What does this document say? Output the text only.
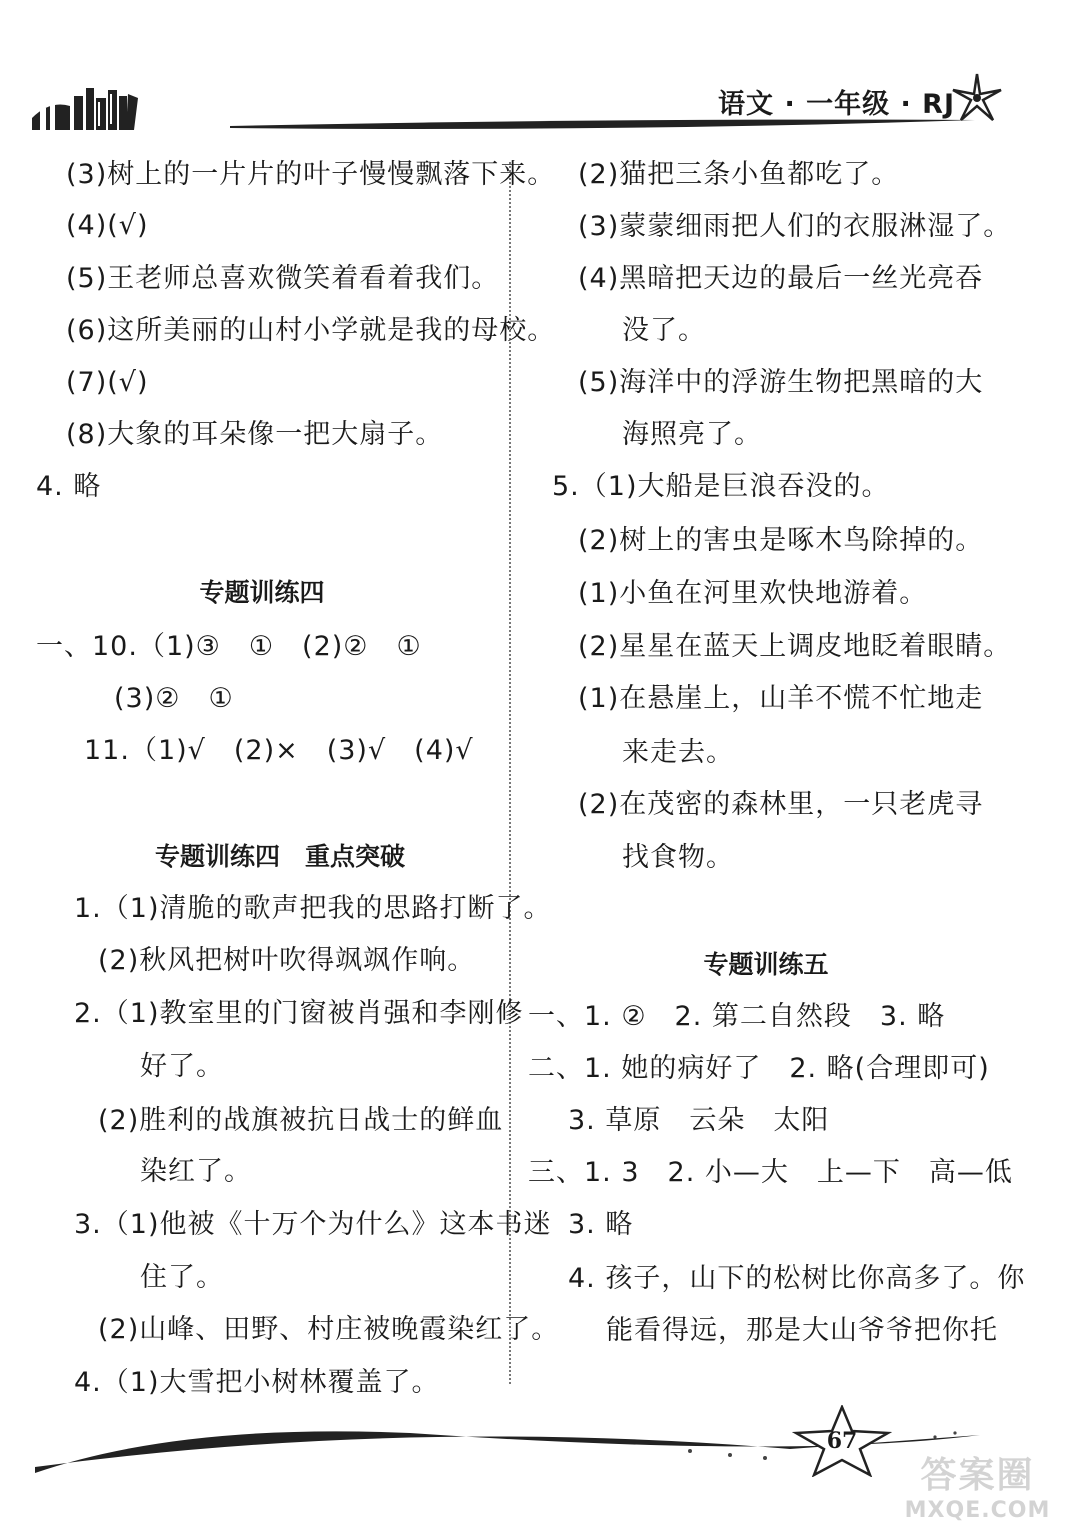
语文 · 一年级 · RJ
(3)树上的一片片的叶子慢慢飘落下来。
(4)(√)
(5)王老师总喜欢微笑着看着我们。
(6)这所美丽的山村小学就是我的母校。
(7)(√)
(8)大象的耳朵像一把大扇子。
4. 略
专题训练四
一、10.（1)③　①　(2)②　①
(3)②　①
11.（1)√　(2)×　(3)√　(4)√
专题训练四　重点突破
1.（1)清脆的歌声把我的思路打断了。
(2)秋风把树叶吹得飒飒作响。
2.（1)教室里的门窗被肖强和李刚修
好了。
(2)胜利的战旗被抗日战士的鲜血
染红了。
3.（1)他被《十万个为什么》这本书迷
住了。
(2)山峰、田野、村庄被晚霞染红了。
4.（1)大雪把小树林覆盖了。
(2)猫把三条小鱼都吃了。
(3)蒙蒙细雨把人们的衣服淋湿了。
(4)黑暗把天边的最后一丝光亮吞
没了。
(5)海洋中的浮游生物把黑暗的大
海照亮了。
5.（1)大船是巨浪吞没的。
(2)树上的害虫是啄木鸟除掉的。
(1)小鱼在河里欢快地游着。
(2)星星在蓝天上调皮地眨着眼睛。
(1)在悬崖上，山羊不慌不忙地走
来走去。
(2)在茂密的森林里，一只老虎寻
找食物。
专题训练五
一、1. ②　2. 第二自然段　3. 略
二、1. 她的病好了　2. 略(合理即可)
3. 草原　云朵　太阳
三、1. 3　2. 小—大　上—下　高—低
3. 略
4. 孩子，山下的松树比你高多了。你
能看得远，那是大山爷爷把你托
67
答案圈
MXQE.COM
